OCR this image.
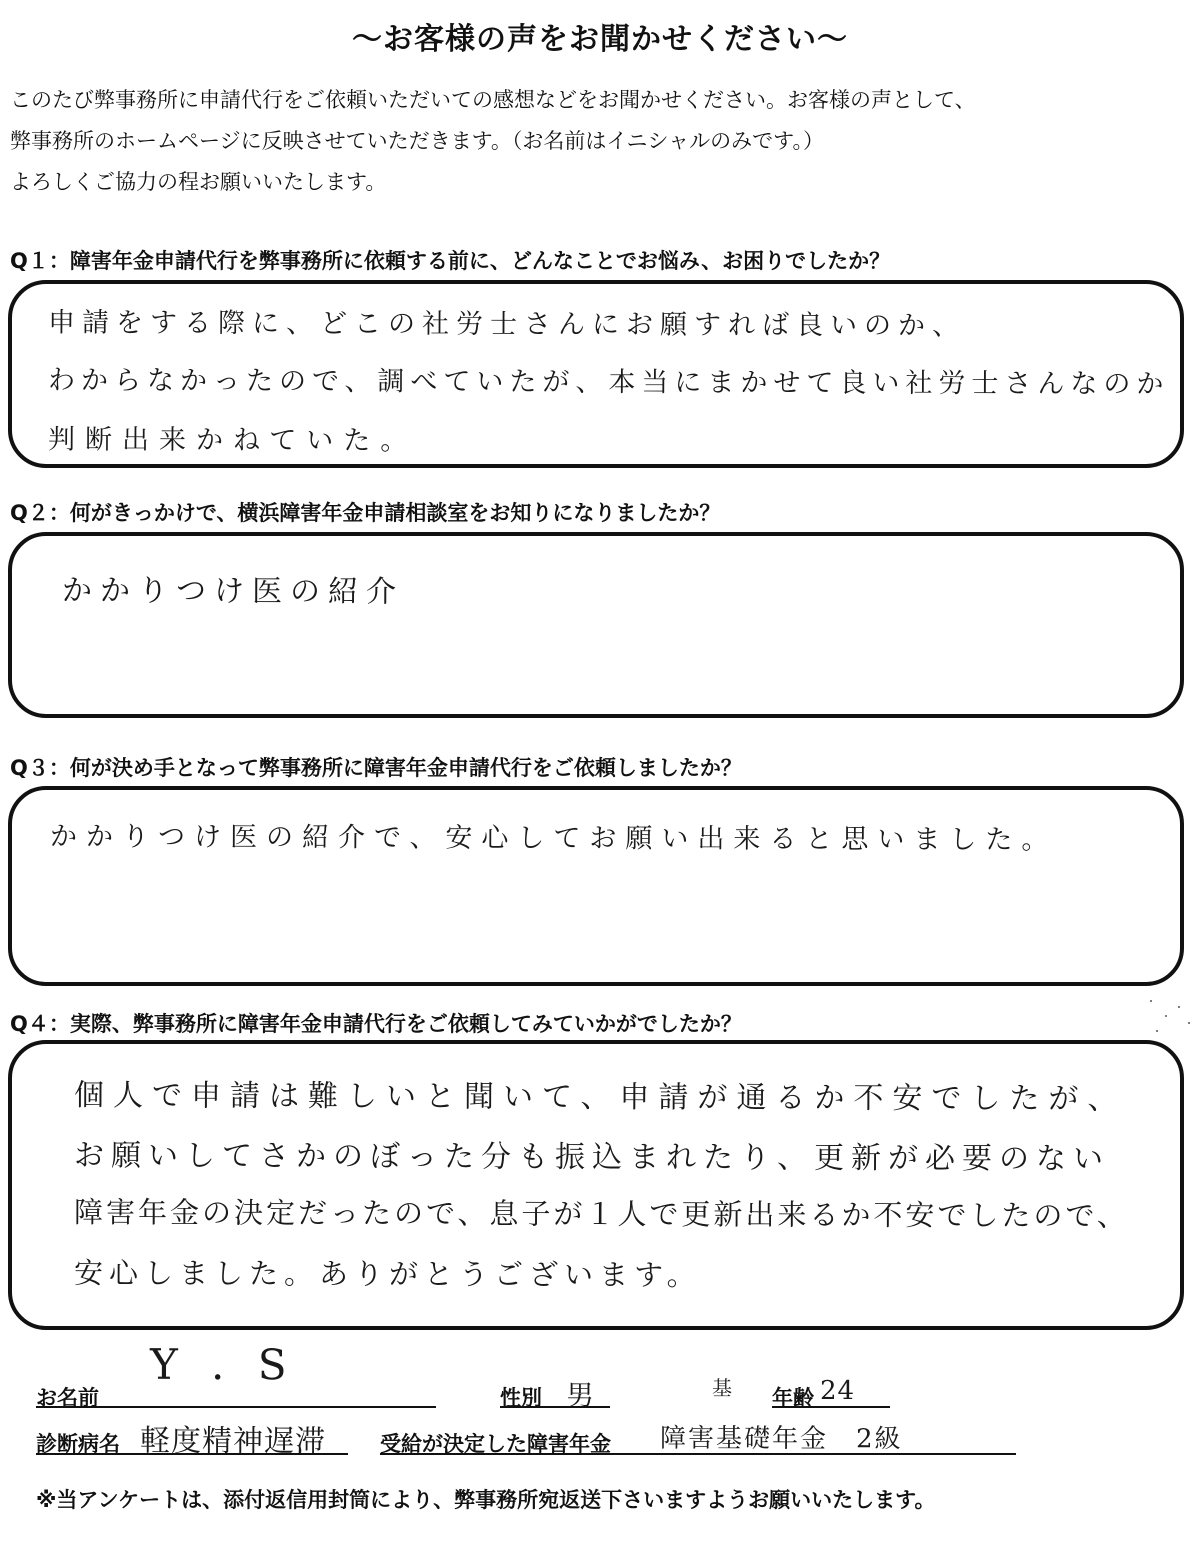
〜お客様の声をお聞かせください〜

このたび弊事務所に申請代行をご依頼いただいての感想などをお聞かせください。お客様の声として、

弊事務所のホームページに反映させていただきます。（お名前はイニシャルのみです。）

よろしくご協力の程お願いいたします。

Q１：障害年金申請代行を弊事務所に依頼する前に、どんなことでお悩み、お困りでしたか？
申請をする際に、どこの社労士さんにお願すれば良いのか、
わからなかったので、調べていたが、本当にまかせて良い社労士さんなのか
判断出来かねていた。
Q２：何がきっかけで、横浜障害年金申請相談室をお知りになりましたか？
かかりつけ医の紹介
Q３：何が決め手となって弊事務所に障害年金申請代行をご依頼しましたか？
かかりつけ医の紹介で、安心してお願い出来ると思いました。
Q４：実際、弊事務所に障害年金申請代行をご依頼してみていかがでしたか？
個人で申請は難しいと聞いて、申請が通るか不安でしたが、
お願いしてさかのぼった分も振込まれたり、更新が必要のない
障害年金の決定だったので、息子が１人で更新出来るか不安でしたので、
安心しました。ありがとうございます。
お名前
Y . S
性別 男	年齢 24
診断病名 軽度精神遅滞	受給が決定した障害年金
基
障害基礎年金　2級
※当アンケートは、添付返信用封筒により、弊事務所宛返送下さいますようお願いいたします。
